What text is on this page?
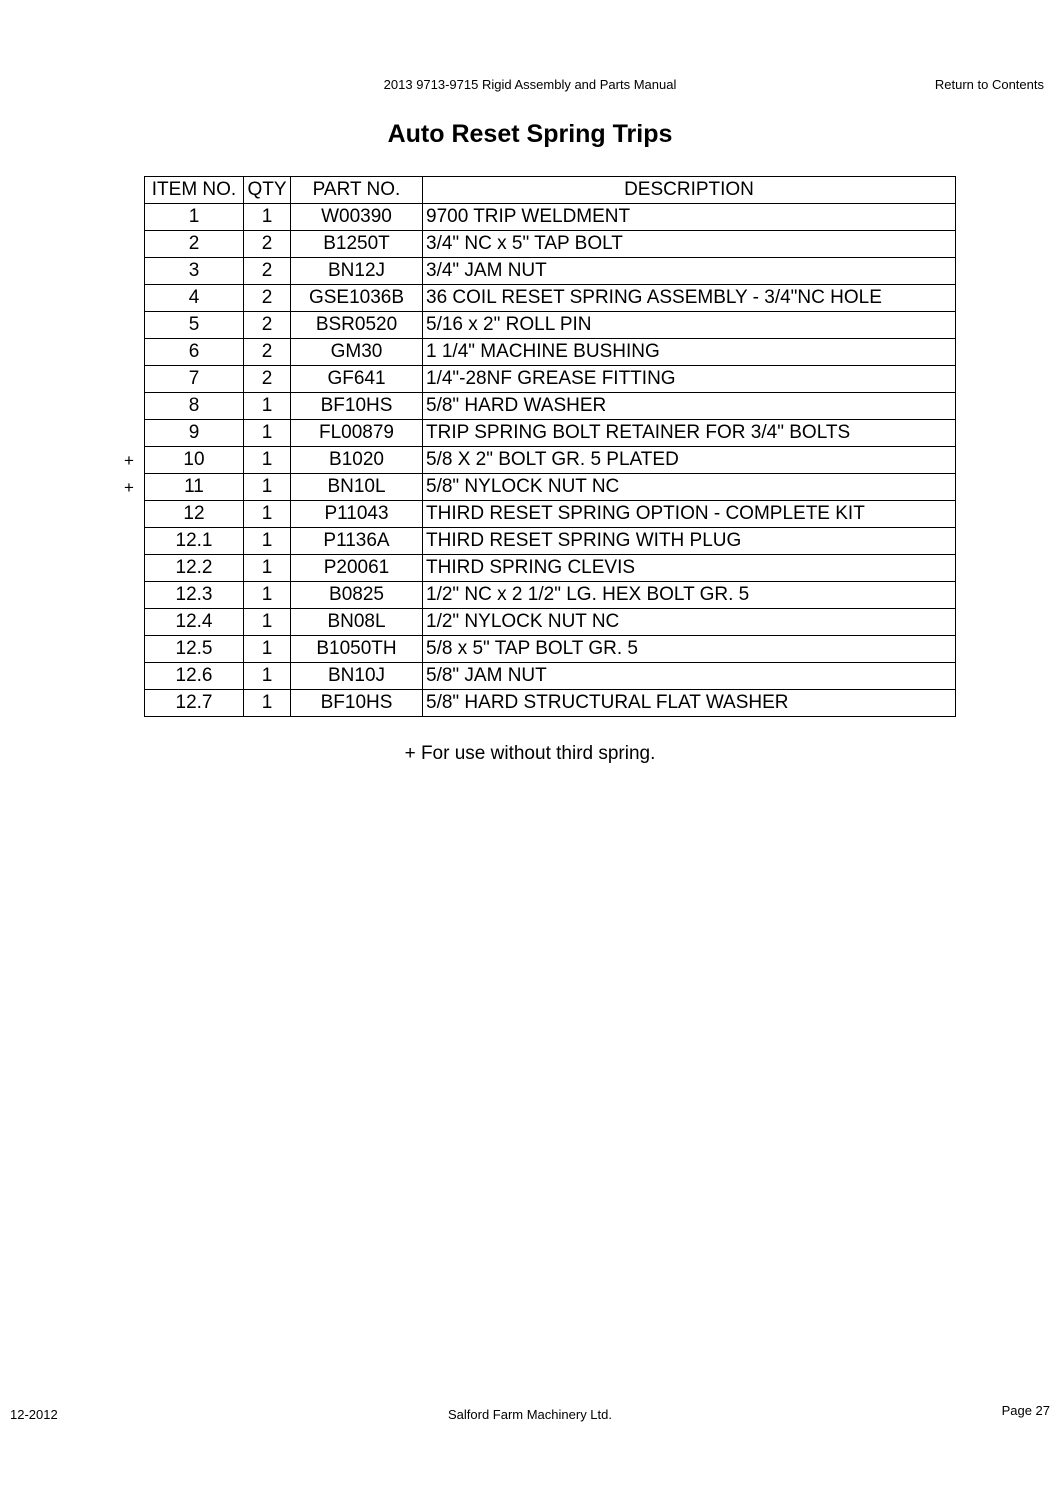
2013 9713-9715 Rigid Assembly and Parts Manual	Return to Contents
Auto Reset Spring Trips
ITEM NO.	QTY	PART NO.	DESCRIPTION
1	1	W00390	9700 TRIP WELDMENT
2	2	B1250T	3/4" NC x 5" TAP BOLT
3	2	BN12J	3/4" JAM NUT
4	2	GSE1036B	36 COIL RESET SPRING ASSEMBLY - 3/4"NC HOLE
5	2	BSR0520	5/16 x 2" ROLL PIN
6	2	GM30	1 1/4" MACHINE BUSHING
7	2	GF641	1/4"-28NF GREASE FITTING
8	1	BF10HS	5/8" HARD WASHER
9	1	FL00879	TRIP SPRING BOLT RETAINER FOR 3/4" BOLTS
10	1	B1020	5/8 X 2" BOLT GR. 5 PLATED
11	1	BN10L	5/8" NYLOCK NUT NC
12	1	P11043	THIRD RESET SPRING OPTION - COMPLETE KIT
12.1	1	P1136A	THIRD RESET SPRING WITH PLUG
12.2	1	P20061	THIRD SPRING CLEVIS
12.3	1	B0825	1/2" NC x 2 1/2" LG. HEX BOLT GR. 5
12.4	1	BN08L	1/2" NYLOCK NUT NC
12.5	1	B1050TH	5/8 x 5" TAP BOLT GR. 5
12.6	1	BN10J	5/8" JAM NUT
12.7	1	BF10HS	5/8" HARD STRUCTURAL FLAT WASHER
+
+
+ For use without third spring.
12-2012	Salford Farm Machinery Ltd.	Page 27
